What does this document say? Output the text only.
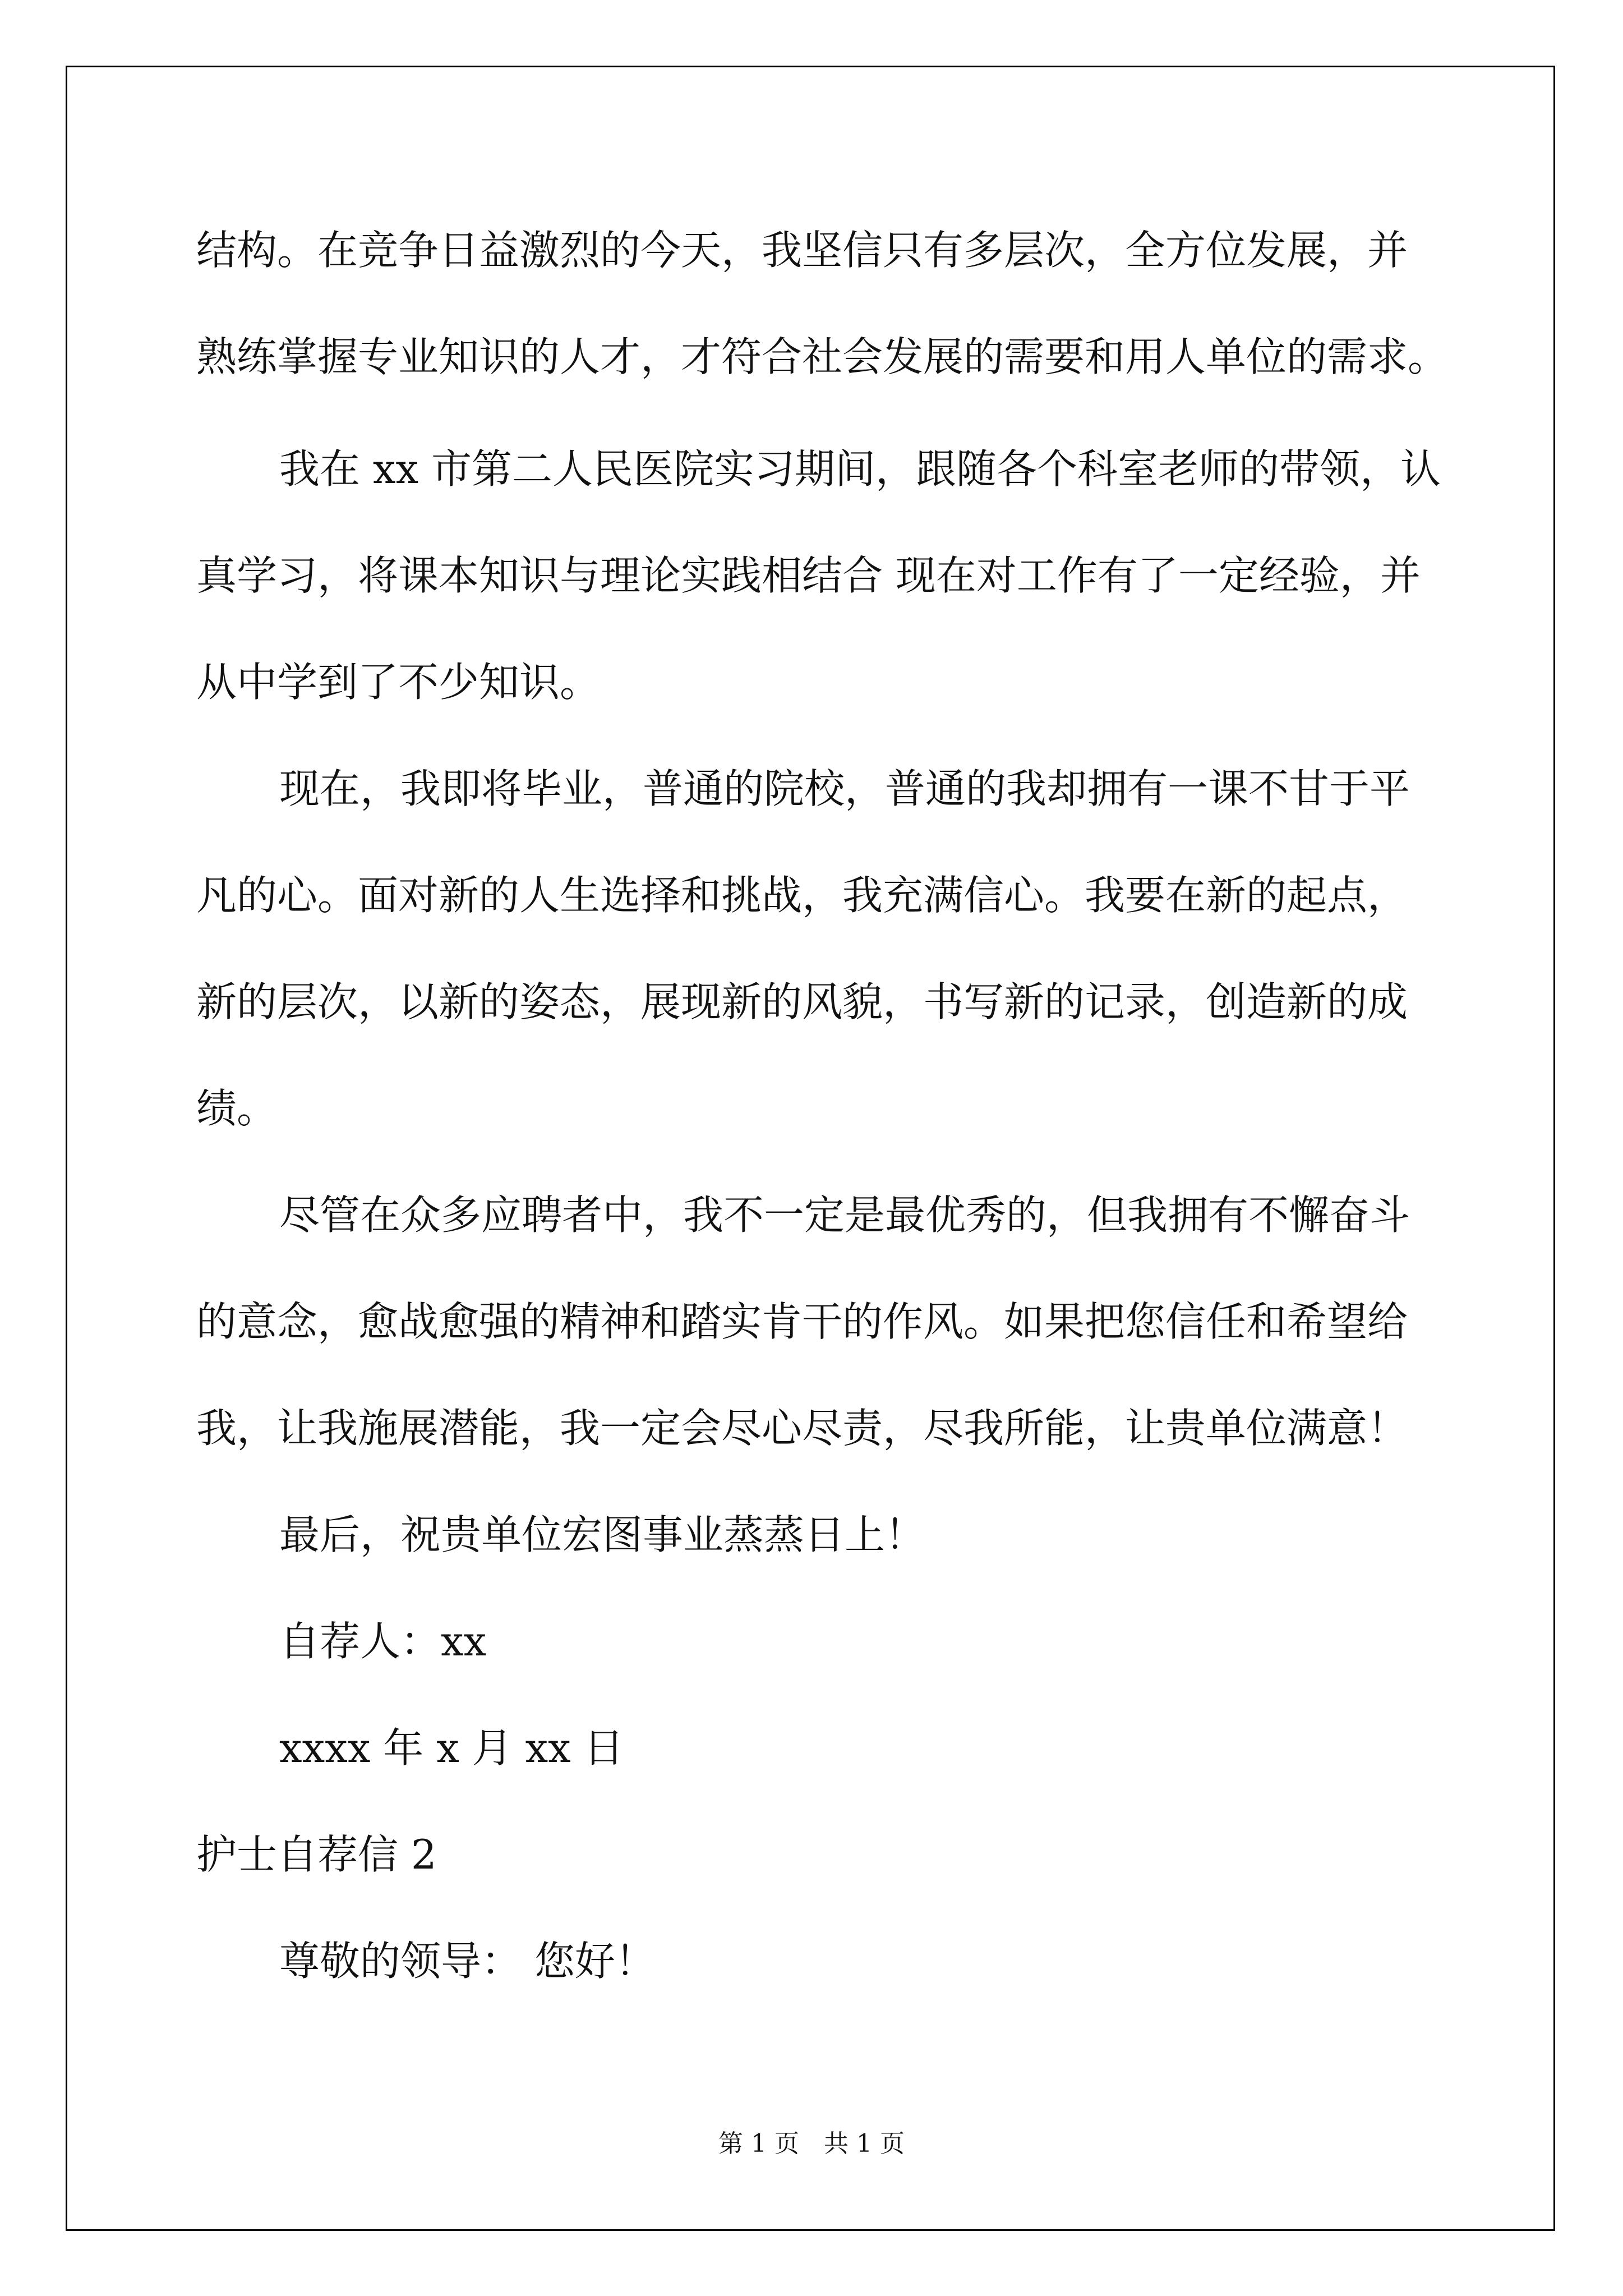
结构。在竞争日益激烈的今天，我坚信只有多层次，全方位发展，并
熟练掌握专业知识的人才，才符合社会发展的需要和用人单位的需求。
我在 xx 市第二人民医院实习期间，跟随各个科室老师的带领，认
真学习，将课本知识与理论实践相结合 现在对工作有了一定经验，并
从中学到了不少知识。
现在，我即将毕业，普通的院校，普通的我却拥有一课不甘于平
凡的心。面对新的人生选择和挑战，我充满信心。我要在新的起点，
新的层次，以新的姿态，展现新的风貌，书写新的记录，创造新的成
绩。
尽管在众多应聘者中，我不一定是最优秀的，但我拥有不懈奋斗
的意念，愈战愈强的精神和踏实肯干的作风。如果把您信任和希望给
我，让我施展潜能，我一定会尽心尽责，尽我所能，让贵单位满意！
最后，祝贵单位宏图事业蒸蒸日上！
自荐人：xx
xxxx 年 x 月 xx 日
护士自荐信 2
尊敬的领导： 您好！
第 1 页　共 1 页
